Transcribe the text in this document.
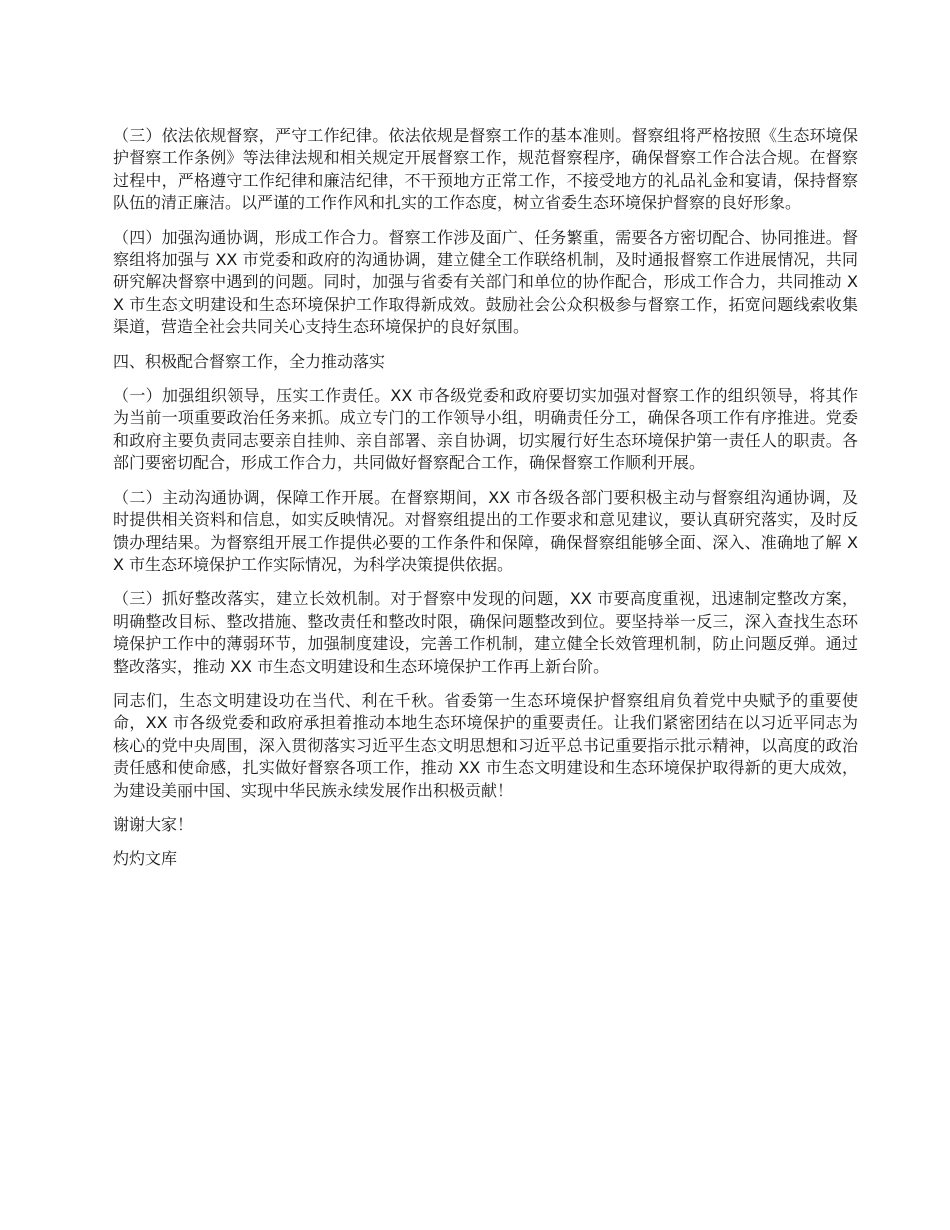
（三）依法依规督察，严守工作纪律。依法依规是督察工作的基本准则。督察组将严格按照《生态环境保护督察工作条例》等法律法规和相关规定开展督察工作，规范督察程序，确保督察工作合法合规。在督察过程中，严格遵守工作纪律和廉洁纪律，不干预地方正常工作，不接受地方的礼品礼金和宴请，保持督察队伍的清正廉洁。以严谨的工作作风和扎实的工作态度，树立省委生态环境保护督察的良好形象。

（四）加强沟通协调，形成工作合力。督察工作涉及面广、任务繁重，需要各方密切配合、协同推进。督察组将加强与 XX 市党委和政府的沟通协调，建立健全工作联络机制，及时通报督察工作进展情况，共同研究解决督察中遇到的问题。同时，加强与省委有关部门和单位的协作配合，形成工作合力，共同推动 XX 市生态文明建设和生态环境保护工作取得新成效。鼓励社会公众积极参与督察工作，拓宽问题线索收集渠道，营造全社会共同关心支持生态环境保护的良好氛围。

四、积极配合督察工作，全力推动落实

（一）加强组织领导，压实工作责任。XX 市各级党委和政府要切实加强对督察工作的组织领导，将其作为当前一项重要政治任务来抓。成立专门的工作领导小组，明确责任分工，确保各项工作有序推进。党委和政府主要负责同志要亲自挂帅、亲自部署、亲自协调，切实履行好生态环境保护第一责任人的职责。各部门要密切配合，形成工作合力，共同做好督察配合工作，确保督察工作顺利开展。

（二）主动沟通协调，保障工作开展。在督察期间，XX 市各级各部门要积极主动与督察组沟通协调，及时提供相关资料和信息，如实反映情况。对督察组提出的工作要求和意见建议，要认真研究落实，及时反馈办理结果。为督察组开展工作提供必要的工作条件和保障，确保督察组能够全面、深入、准确地了解 XX 市生态环境保护工作实际情况，为科学决策提供依据。

（三）抓好整改落实，建立长效机制。对于督察中发现的问题，XX 市要高度重视，迅速制定整改方案，明确整改目标、整改措施、整改责任和整改时限，确保问题整改到位。要坚持举一反三，深入查找生态环境保护工作中的薄弱环节，加强制度建设，完善工作机制，建立健全长效管理机制，防止问题反弹。通过整改落实，推动 XX 市生态文明建设和生态环境保护工作再上新台阶。

同志们，生态文明建设功在当代、利在千秋。省委第一生态环境保护督察组肩负着党中央赋予的重要使命，XX 市各级党委和政府承担着推动本地生态环境保护的重要责任。让我们紧密团结在以习近平同志为核心的党中央周围，深入贯彻落实习近平生态文明思想和习近平总书记重要指示批示精神，以高度的政治责任感和使命感，扎实做好督察各项工作，推动 XX 市生态文明建设和生态环境保护取得新的更大成效，为建设美丽中国、实现中华民族永续发展作出积极贡献！

谢谢大家！

灼灼文库
